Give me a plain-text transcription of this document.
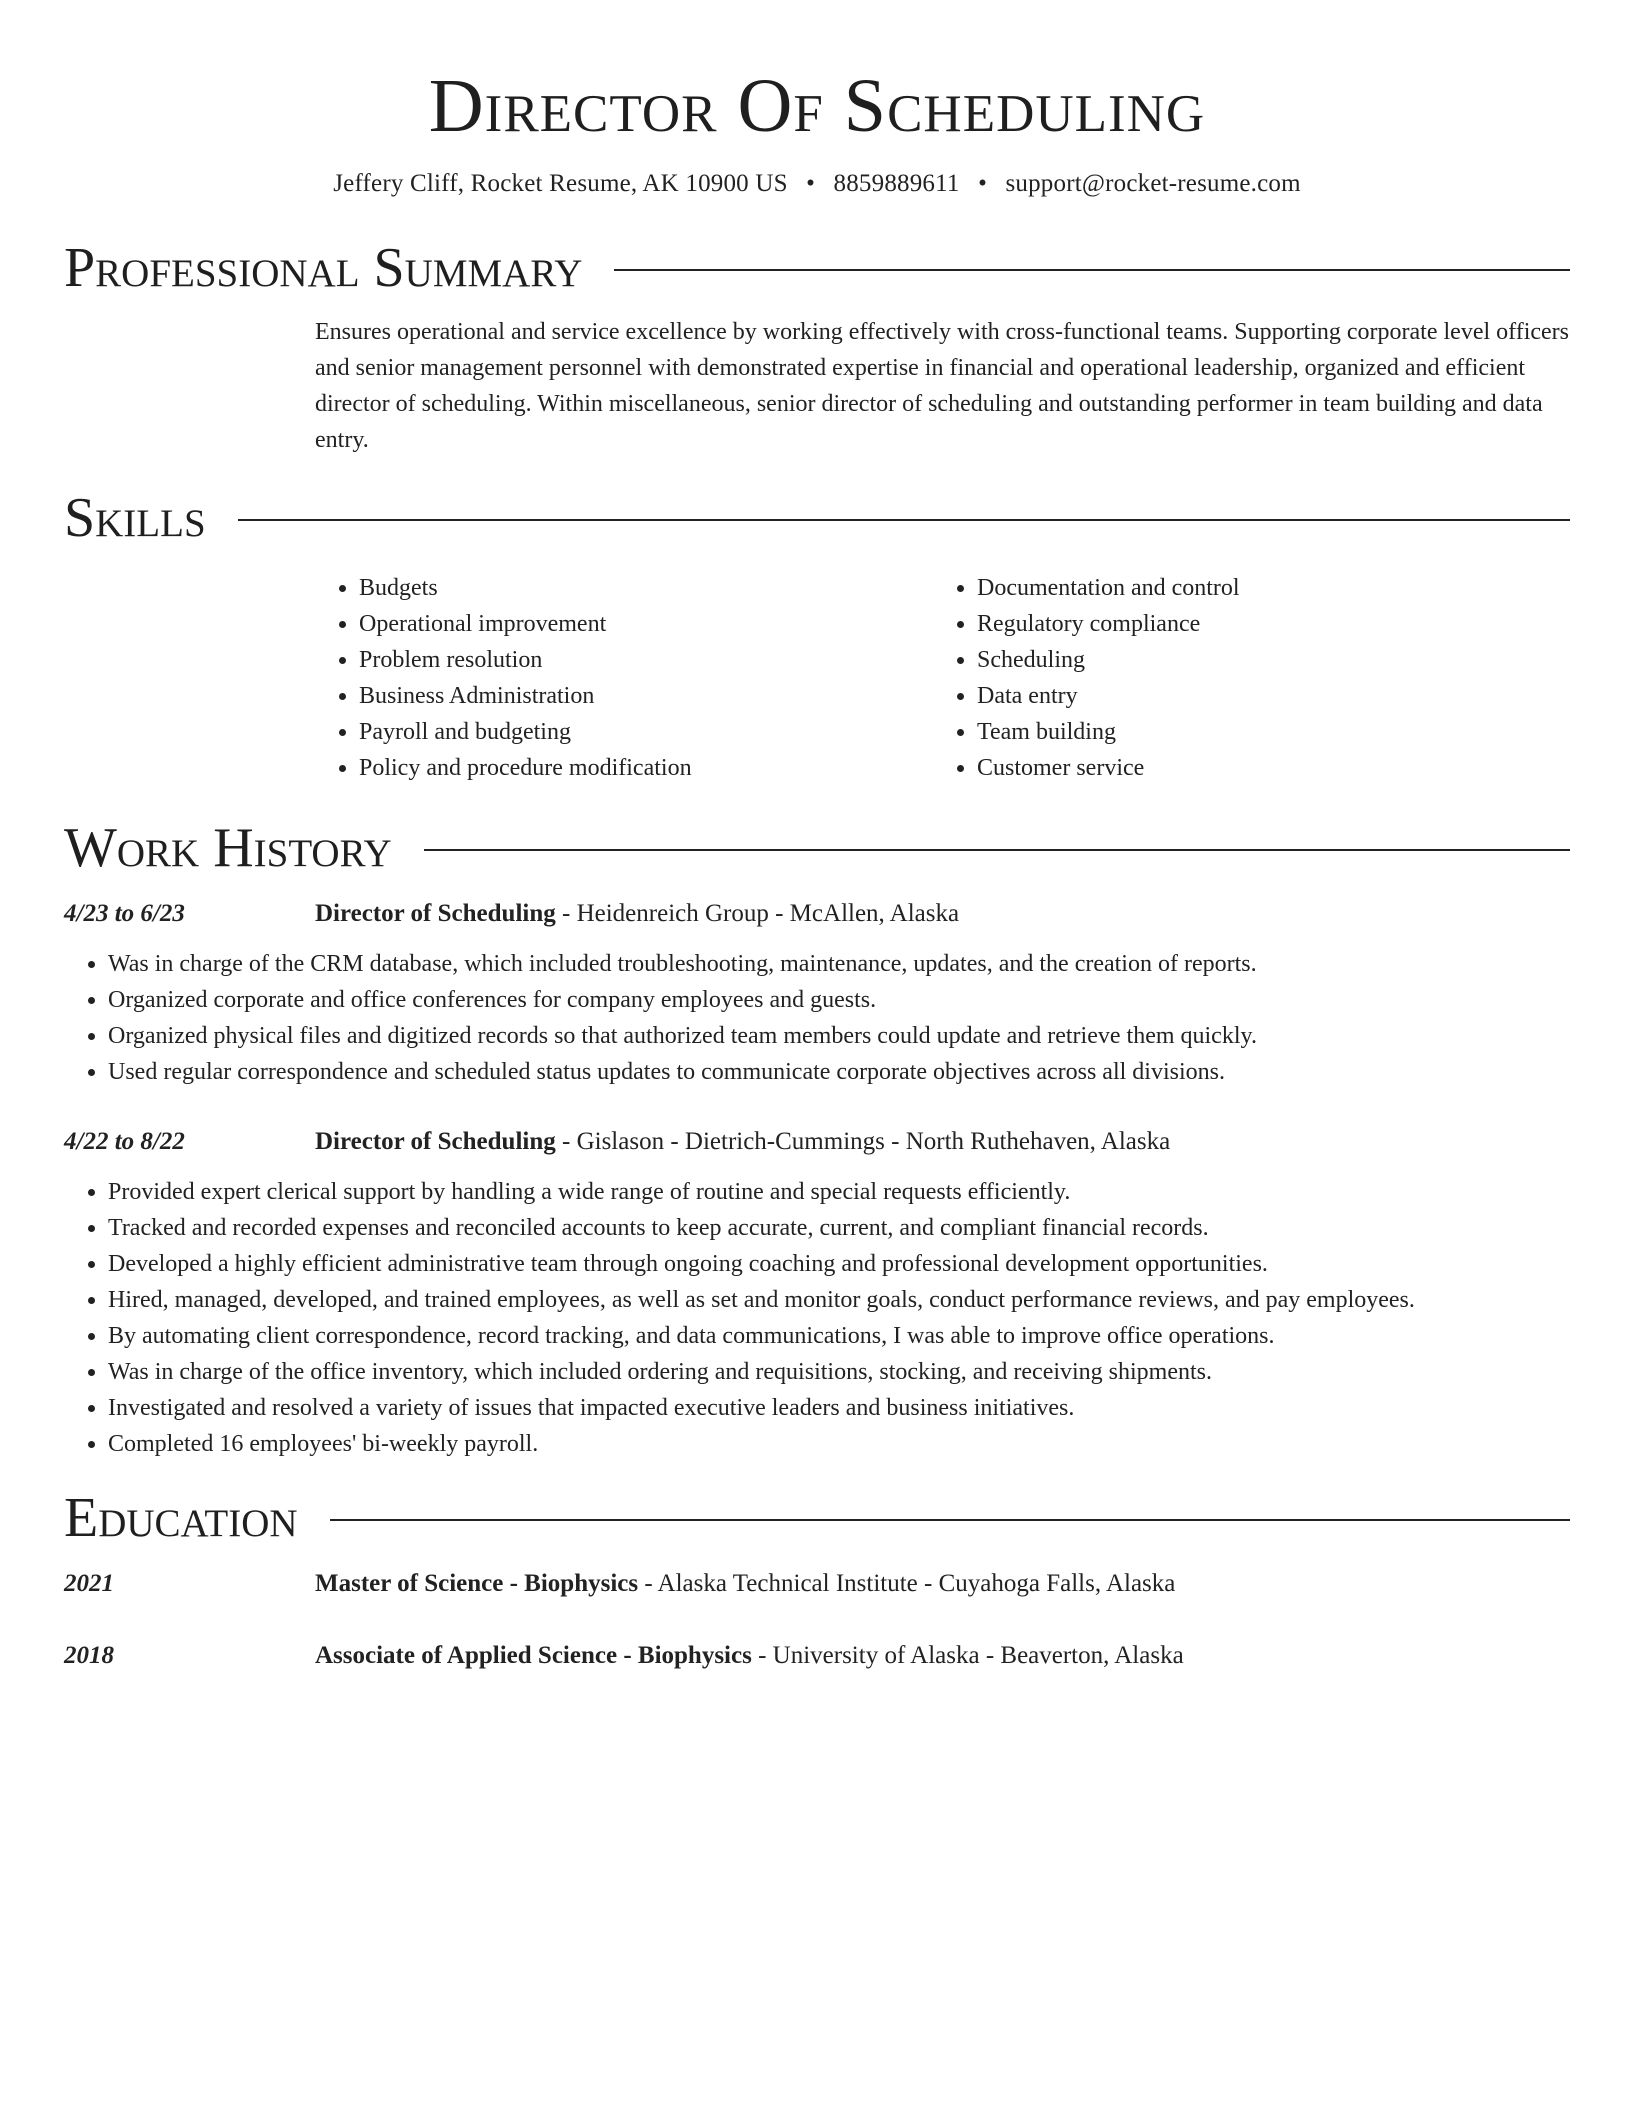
Director Of Scheduling
Jeffery Cliff, Rocket Resume, AK 10900 US • 8859889611 • support@rocket-resume.com
Professional Summary
Ensures operational and service excellence by working effectively with cross-functional teams. Supporting corporate level officers and senior management personnel with demonstrated expertise in financial and operational leadership, organized and efficient director of scheduling. Within miscellaneous, senior director of scheduling and outstanding performer in team building and data entry.
Skills
• Budgets
• Operational improvement
• Problem resolution
• Business Administration
• Payroll and budgeting
• Policy and procedure modification
• Documentation and control
• Regulatory compliance
• Scheduling
• Data entry
• Team building
• Customer service
Work History
4/23 to 6/23	Director of Scheduling - Heidenreich Group - McAllen, Alaska
• Was in charge of the CRM database, which included troubleshooting, maintenance, updates, and the creation of reports.
• Organized corporate and office conferences for company employees and guests.
• Organized physical files and digitized records so that authorized team members could update and retrieve them quickly.
• Used regular correspondence and scheduled status updates to communicate corporate objectives across all divisions.
4/22 to 8/22	Director of Scheduling - Gislason - Dietrich-Cummings - North Ruthehaven, Alaska
• Provided expert clerical support by handling a wide range of routine and special requests efficiently.
• Tracked and recorded expenses and reconciled accounts to keep accurate, current, and compliant financial records.
• Developed a highly efficient administrative team through ongoing coaching and professional development opportunities.
• Hired, managed, developed, and trained employees, as well as set and monitor goals, conduct performance reviews, and pay employees.
• By automating client correspondence, record tracking, and data communications, I was able to improve office operations.
• Was in charge of the office inventory, which included ordering and requisitions, stocking, and receiving shipments.
• Investigated and resolved a variety of issues that impacted executive leaders and business initiatives.
• Completed 16 employees' bi-weekly payroll.
Education
2021	Master of Science - Biophysics - Alaska Technical Institute - Cuyahoga Falls, Alaska
2018	Associate of Applied Science - Biophysics - University of Alaska - Beaverton, Alaska
